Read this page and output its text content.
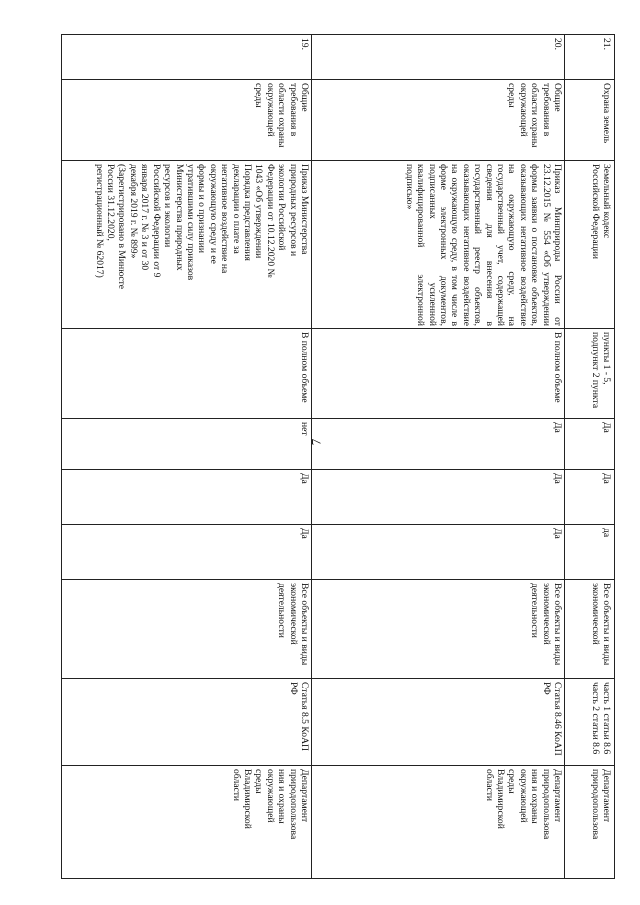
7
19.
Общие
требования в
области охраны
окружающей
среды
Приказ Министерства
природных ресурсов и
экологии Российской
Федерации от 10.12.2020 №
1043 «Об утверждении
Порядка представления
декларации о плате за
негативное воздействие на
окружающую среду и ее
формы и о признании
утратившими силу приказов
Министерства природных
ресурсов и экологии
Российской Федерации от 9
января 2017 г. № 3 и от 30
декабря 2019 г. № 899»
(Зарегистрировано в Минюсте
России 31.12.2020,
регистрационный № 62017)
В полном объеме
нет
Да
Да
Все объекты и виды
экономической
деятельности
Статья 8.5 КоАП РФ
Департамент
природопользова
ния и охраны
окружающей
среды
Владимирской
области
20.
Общие
требования в
области охраны
окружающей
среды
Приказ Минприроды России от 23.12.2015 № 554 «Об утверждении формы заявки о постановке объектов, оказывающих негативное воздействие на окружающую среду, на государственный учет, содержащей сведения для внесения в государственный реестр объектов, оказывающих негативное воздействие на окружающую среду, в том числе в форме электронных документов, подписанных усиленной квалифицированной электронной подписью»
В полном объеме
Да
Да
Да
Все объекты и виды
экономической
деятельности
Статья 8.46 КоАП РФ
Департамент
природопользова
ния и охраны
окружающей
среды
Владимирской
области
21.
Охрана земель
Земельный кодекс
Российской Федерации
пункты 1 - 5,
подпункт 2 пункта
Да
Да
да
Все объекты и виды
экономической
часть 1 статьи 8.6
часть 2 статьи 8.6
Департамент
природопользова
